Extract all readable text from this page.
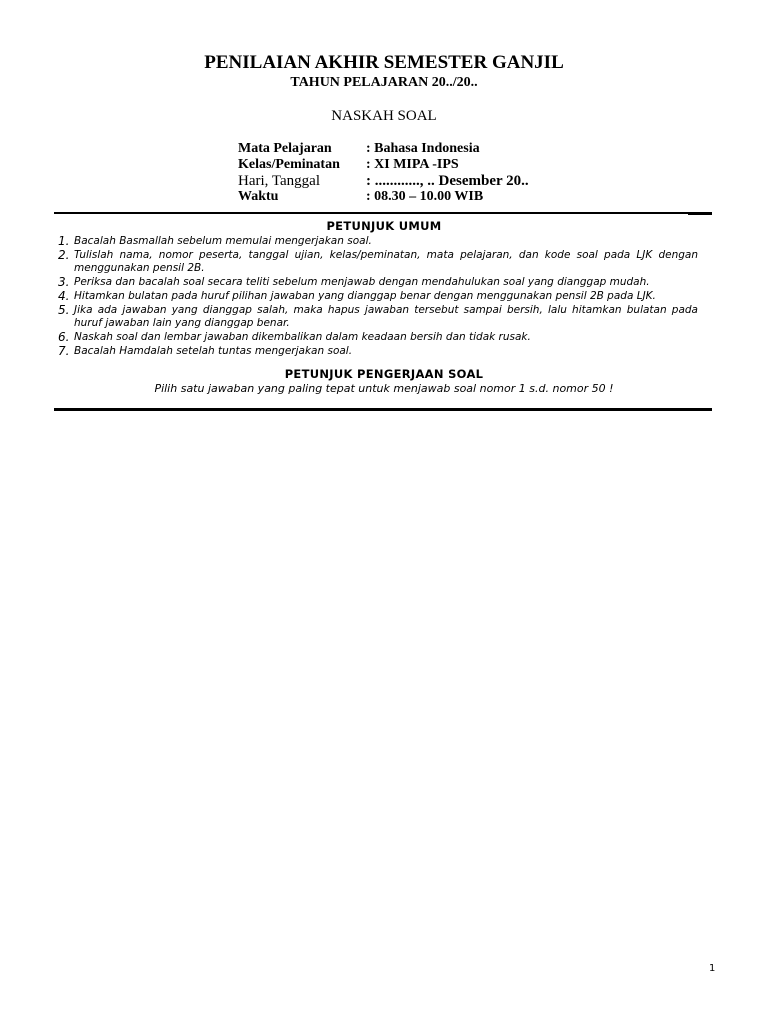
PENILAIAN AKHIR SEMESTER GANJIL
TAHUN PELAJARAN 20../20..
NASKAH SOAL
Mata Pelajaran	: Bahasa Indonesia
Kelas/Peminatan	: XI MIPA -IPS
Hari, Tanggal	: ............, .. Desember 20..
Waktu	: 08.30 – 10.00 WIB
PETUNJUK UMUM
1. Bacalah Basmallah sebelum memulai mengerjakan soal.
2. Tulislah nama, nomor peserta, tanggal ujian, kelas/peminatan, mata pelajaran, dan kode soal pada LJK dengan menggunakan pensil 2B.
3. Periksa dan bacalah soal secara teliti sebelum menjawab dengan mendahulukan soal yang dianggap mudah.
4. Hitamkan bulatan pada huruf pilihan jawaban yang dianggap benar dengan menggunakan pensil 2B pada LJK.
5. Jika ada jawaban yang dianggap salah, maka hapus jawaban tersebut sampai bersih, lalu hitamkan bulatan pada huruf jawaban lain yang dianggap benar.
6. Naskah soal dan lembar jawaban dikembalikan dalam keadaan bersih dan tidak rusak.
7. Bacalah Hamdalah setelah tuntas mengerjakan soal.
PETUNJUK PENGERJAAN SOAL
Pilih satu jawaban yang paling tepat untuk menjawab soal nomor 1 s.d. nomor 50 !
1
